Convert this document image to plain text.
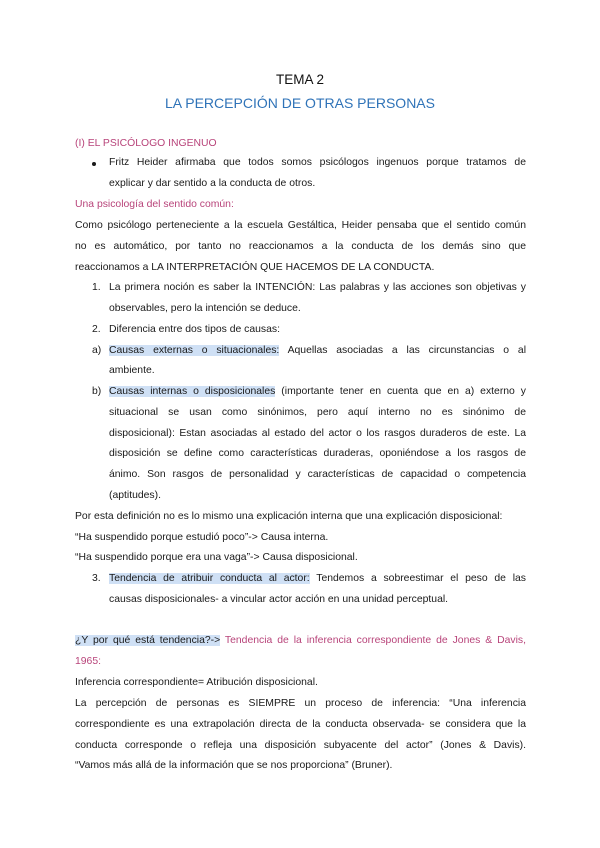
TEMA 2
LA PERCEPCIÓN DE OTRAS PERSONAS
(I) EL PSICÓLOGO INGENUO
Fritz Heider afirmaba que todos somos psicólogos ingenuos porque tratamos de
explicar y dar sentido a la conducta de otros.
Una psicología del sentido común:
Como psicólogo perteneciente a la escuela Gestáltica, Heider pensaba que el sentido común
no es automático, por tanto no reaccionamos a la conducta de los demás sino que
reaccionamos a LA INTERPRETACIÓN QUE HACEMOS DE LA CONDUCTA.
1. La primera noción es saber la INTENCIÓN: Las palabras y las acciones son objetivas y
observables, pero la intención se deduce.
2. Diferencia entre dos tipos de causas:
a) Causas externas o situacionales: Aquellas asociadas a las circunstancias o al
ambiente.
b) Causas internas o disposicionales (importante tener en cuenta que en a) externo y
situacional se usan como sinónimos, pero aquí interno no es sinónimo de
disposicional): Estan asociadas al estado del actor o los rasgos duraderos de este. La
disposición se define como características duraderas, oponiéndose a los rasgos de
ánimo. Son rasgos de personalidad y características de capacidad o competencia
(aptitudes).
Por esta definición no es lo mismo una explicación interna que una explicación disposicional:
“Ha suspendido porque estudió poco”-> Causa interna.
“Ha suspendido porque era una vaga”-> Causa disposicional.
3. Tendencia de atribuir conducta al actor: Tendemos a sobreestimar el peso de las
causas disposicionales- a vincular actor acción en una unidad perceptual.
¿Y por qué está tendencia?-> Tendencia de la inferencia correspondiente de Jones & Davis,
1965:
Inferencia correspondiente= Atribución disposicional.
La percepción de personas es SIEMPRE un proceso de inferencia: “Una inferencia
correspondiente es una extrapolación directa de la conducta observada- se considera que la
conducta corresponde o refleja una disposición subyacente del actor” (Jones & Davis).
“Vamos más allá de la información que se nos proporciona” (Bruner).
